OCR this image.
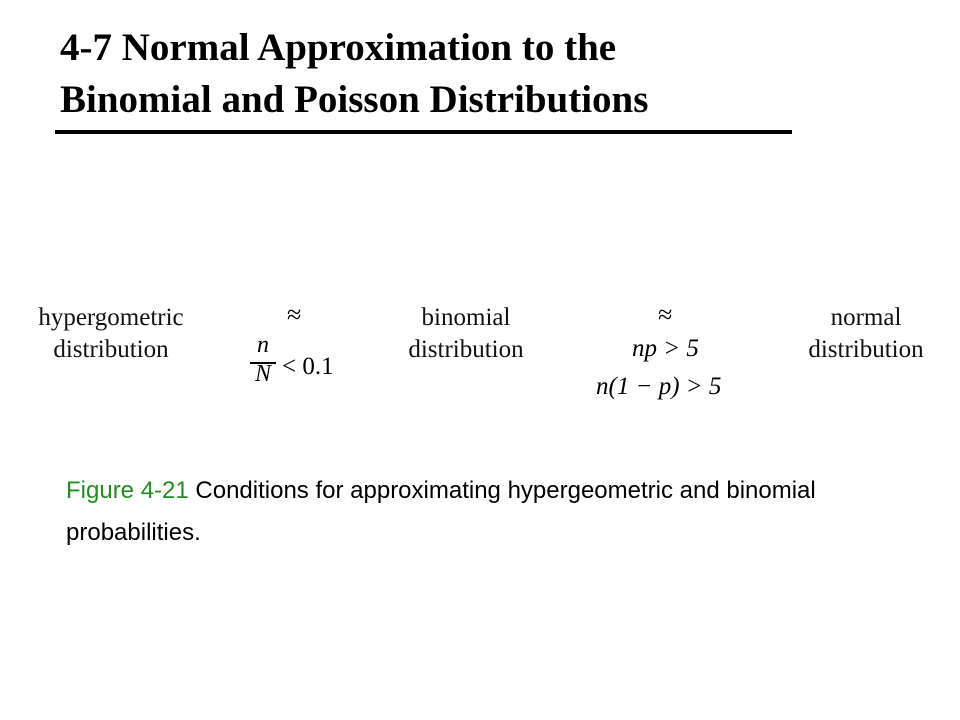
4-7 Normal Approximation to the
Binomial and Poisson Distributions
hypergometric
distribution
≈
n
N < 0.1
binomial
distribution
≈
np > 5
n(1 − p) > 5
normal
distribution

Figure 4-21 Conditions for approximating hypergeometric and binomial probabilities.
